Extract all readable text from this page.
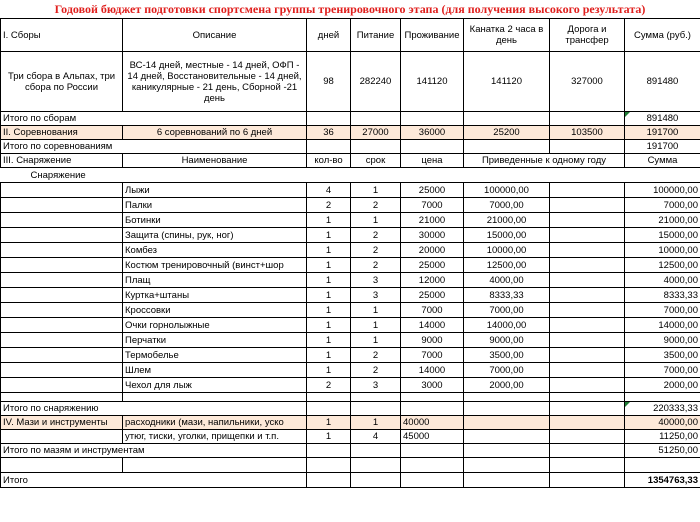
Годовой бюджет подготовки спортсмена группы тренировочного этапа (для получения высокого результата)
I. Сборы	Описание	дней	Питание	Проживание	Канатка 2 часа в день	Дорога и трансфер	Сумма (руб.)
Три сбора в Альпах, три сбора по России	ВС-14 дней, местные - 14 дней, ОФП - 14 дней, Восстановительные - 14 дней, каникулярные - 21 день, Сборной -21 день	98	282240	141120	141120	327000	891480
Итого по сборам							891480
II. Соревнования	6 соревнований по 6 дней	36	27000	36000	25200	103500	191700
Итого по соревнованиям							191700
III. Снаряжение	Наименование	кол-во	срок	цена	Приведенные к одному году		Сумма
Снаряжение							
	Лыжи	4	1	25000	100000,00		100000,00
	Палки	2	2	7000	7000,00		7000,00
	Ботинки	1	1	21000	21000,00		21000,00
	Защита (спины, рук, ног)	1	2	30000	15000,00		15000,00
	Комбез	1	2	20000	10000,00		10000,00
	Костюм тренировочный (винст+шор	1	2	25000	12500,00		12500,00
	Плащ	1	3	12000	4000,00		4000,00
	Куртка+штаны	1	3	25000	8333,33		8333,33
	Кроссовки	1	1	7000	7000,00		7000,00
	Очки горнолыжные	1	1	14000	14000,00		14000,00
	Перчатки	1	1	9000	9000,00		9000,00
	Термобелье	1	2	7000	3500,00		3500,00
	Шлем	1	2	14000	7000,00		7000,00
	Чехол для лыж	2	3	3000	2000,00		2000,00

Итого по снаряжению							220333,33
IV. Мази и инструменты	расходники (мази, напильники, уско	1	1	40000			40000,00
	утюг, тиски, уголки, прищепки и т.п.	1	4	45000			11250,00
Итого по мазям и инструментам							51250,00

Итого							1354763,33
